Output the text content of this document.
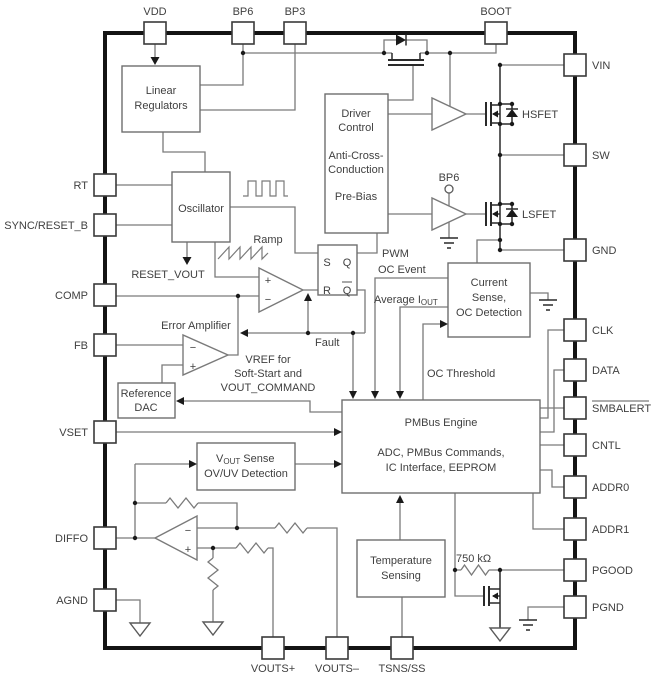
Linear
Regulators
Oscillator
Driver
Control
Anti-Cross-
Conduction
Pre-Bias
S Q
R Q
Current
Sense,
OC Detection
PMBus Engine
ADC, PMBus Commands,
IC Interface, EEPROM
Reference
DAC
VOUT Sense
OV/UV Detection
Temperature
Sensing
+
−
−
+
−
+
HSFET
LSFET
BP6
Ramp
PWM
OC Event
Average IOUT
Fault
OC Threshold
RESET_VOUT
Error Amplifier
VREF for
Soft-Start and
VOUT_COMMAND
750 kΩ
VDD	BP6	BP3	BOOT
RT
SYNC/RESET_B
COMP
FB
VSET
DIFFO
AGND
VIN
SW
GND
CLK
DATA
SMBALERT
CNTL
ADDR0
ADDR1
PGOOD
PGND
VOUTS+ VOUTS– TSNS/SS
